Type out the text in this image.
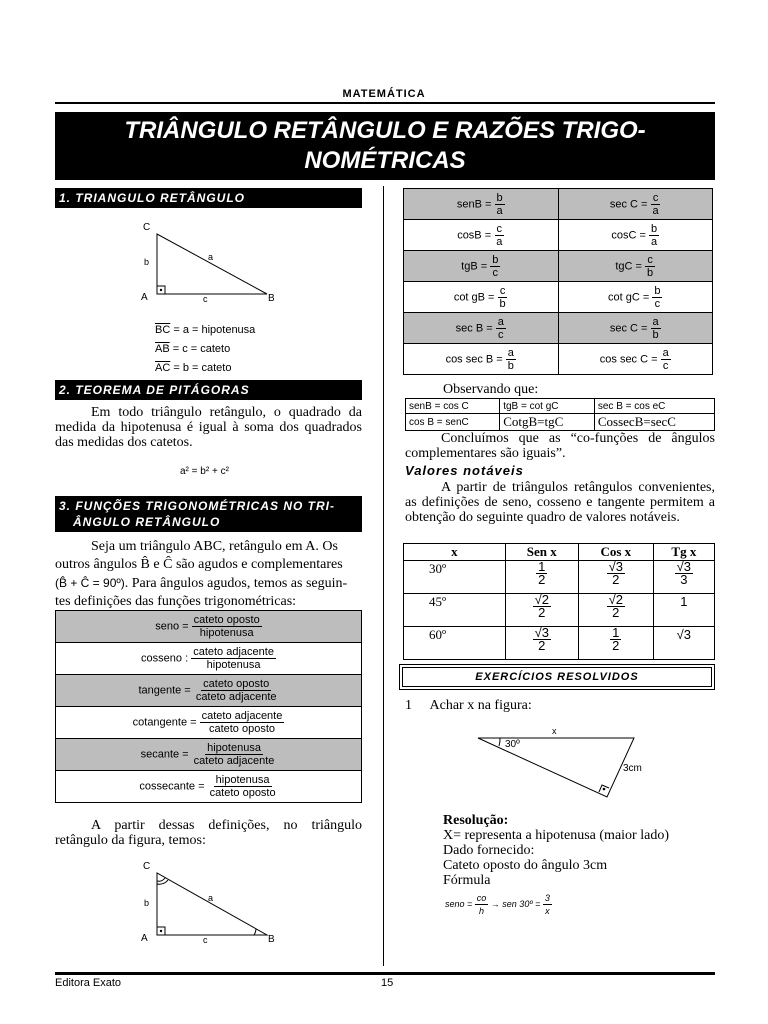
MATEMÁTICA
TRIÂNGULO RETÂNGULO E RAZÕES TRIGO-
NOMÉTRICAS
1. TRIANGULO RETÂNGULO
C
A	B
a
b
c
$\overline{BC} = a$ = hipotenusa
$\overline{AB} = c$ = cateto
$\overline{AC} = b$ = cateto
2. TEOREMA DE PITÁGORAS
Em todo triângulo retângulo, o quadrado da medida da hipotenusa é igual à soma dos quadrados das medidas dos catetos.
a² = b² + c²
3. FUNÇÕES TRIGONOMÉTRICAS NO TRI-
ÂNGULO RETÂNGULO
Seja um triângulo ABC, retângulo em A. Os
outros ângulos B̂ e Ĉ são agudos e complementares
(B̂ + Ĉ = 90º). Para ângulos agudos, temos as seguin-
tes definições das funções trigonométricas:
seno = $\frac{\text{cateto oposto}}{\text{hipotenusa}}$

cosseno : $\frac{\text{cateto adjacente}}{\text{hipotenusa}}$

tangente = $\frac{\text{cateto oposto}}{\text{cateto adjacente}}$

cotangente = $\frac{\text{cateto adjacente}}{\text{cateto oposto}}$

secante = $\frac{\text{hipotenusa}}{\text{cateto adjacente}}$

cossecante = $\frac{\text{hipotenusa}}{\text{cateto oposto}}$
A partir dessas definições, no triângulo retângulo da figura, temos:
C
A	B
a
b
c
senB = $\frac{b}{a}$	$\sec C = \frac{c}{a}$

$\cos B = \frac{c}{a}$	$\cos C = \frac{b}{a}$

tgB = $\frac{b}{c}$	tgC = $\frac{c}{b}$

cot gB = $\frac{c}{b}$	cot gC = $\frac{b}{c}$

$\sec B = \frac{a}{c}$	$\sec C = \frac{a}{b}$

$\cos \sec B = \frac{a}{b}$	$\cos \sec C = \frac{a}{c}$
Observando que:
senB = cos C	tgB = cot gC	sec B = cos eC
cos B = senC	CotgB=tgC	CossecB=secC
Concluímos que as “co-funções de ângulos complementares são iguais”.
Valores notáveis
A partir de triângulos retângulos convenientes, as definições de seno, cosseno e tangente permitem a obtenção do seguinte quadro de valores notáveis.
x	Sen x	Cos x	Tg x
30º	$\frac{1}{2}$	$\frac{√3}{2}$	$\frac{√3}{3}$

45º	$\frac{√2}{2}$	$\frac{√2}{2}$	1
60º	$\frac{√3}{2}$	$\frac{1}{2}$	√3
EXERCÍCIOS RESOLVIDOS
1 Achar x na figura:
x
30º
3cm
Resolução:
X= representa a hipotenusa (maior lado)
Dado fornecido:
Cateto oposto do ângulo 3cm
Fórmula
seno = $\frac{co}{h}$ → sen 30º = $\frac{3}{x}$
Editora Exato	15
